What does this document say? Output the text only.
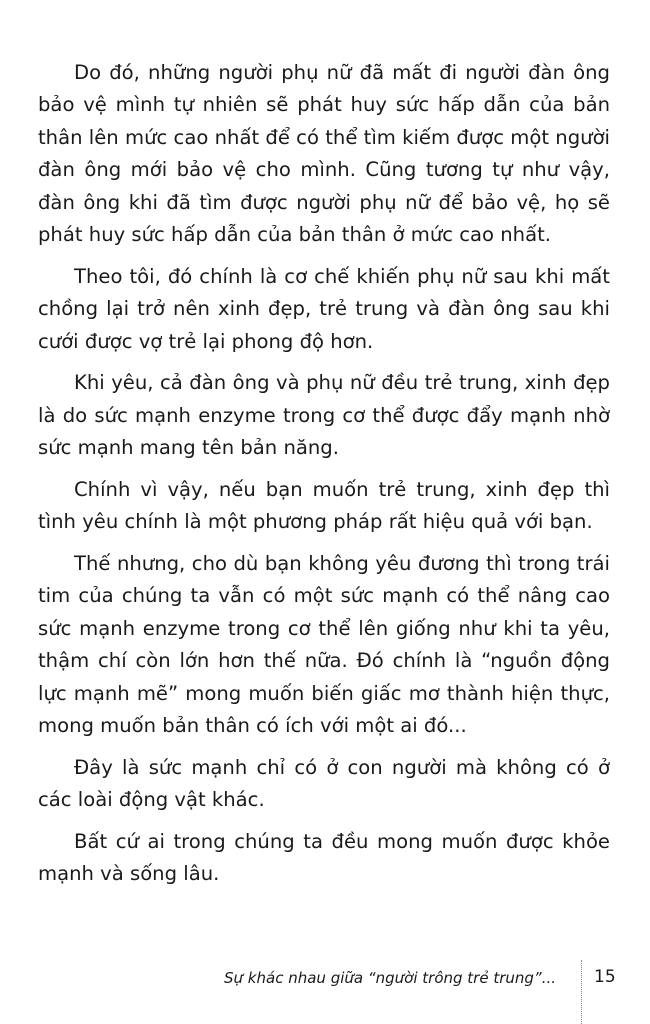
Do đó, những người phụ nữ đã mất đi người đàn ông bảo vệ mình tự nhiên sẽ phát huy sức hấp dẫn của bản thân lên mức cao nhất để có thể tìm kiếm được một người đàn ông mới bảo vệ cho mình. Cũng tương tự như vậy, đàn ông khi đã tìm được người phụ nữ để bảo vệ, họ sẽ phát huy sức hấp dẫn của bản thân ở mức cao nhất.

Theo tôi, đó chính là cơ chế khiến phụ nữ sau khi mất chồng lại trở nên xinh đẹp, trẻ trung và đàn ông sau khi cưới được vợ trẻ lại phong độ hơn.

Khi yêu, cả đàn ông và phụ nữ đều trẻ trung, xinh đẹp là do sức mạnh enzyme trong cơ thể được đẩy mạnh nhờ sức mạnh mang tên bản năng.

Chính vì vậy, nếu bạn muốn trẻ trung, xinh đẹp thì tình yêu chính là một phương pháp rất hiệu quả với bạn.

Thế nhưng, cho dù bạn không yêu đương thì trong trái tim của chúng ta vẫn có một sức mạnh có thể nâng cao sức mạnh enzyme trong cơ thể lên giống như khi ta yêu, thậm chí còn lớn hơn thế nữa. Đó chính là “nguồn động lực mạnh mẽ” mong muốn biến giấc mơ thành hiện thực, mong muốn bản thân có ích với một ai đó...

Đây là sức mạnh chỉ có ở con người mà không có ở các loài động vật khác.

Bất cứ ai trong chúng ta đều mong muốn được khỏe mạnh và sống lâu.

Sự khác nhau giữa “người trông trẻ trung”... 15
